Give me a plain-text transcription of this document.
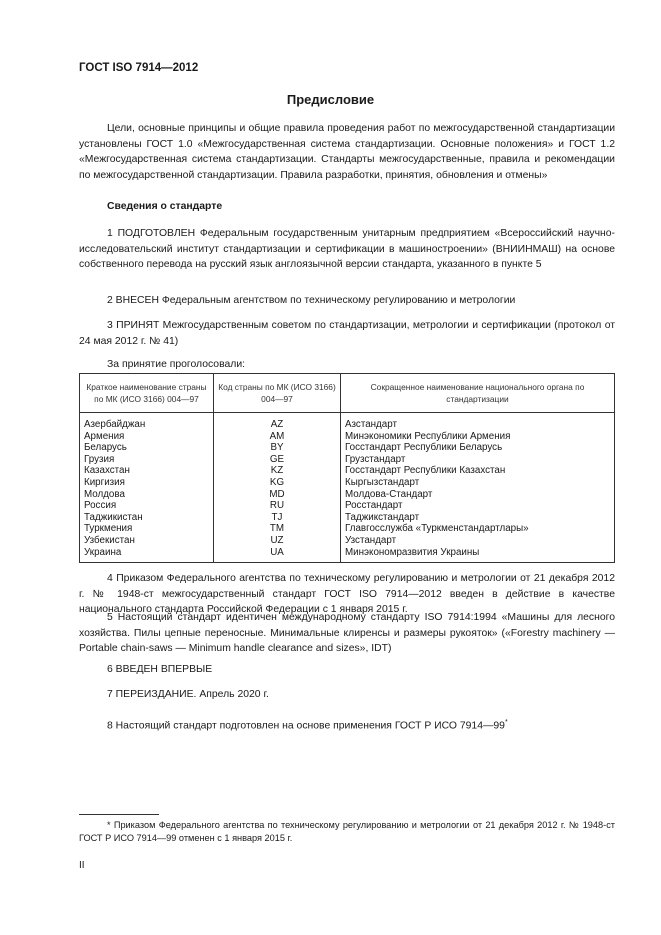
ГОСТ ISO 7914—2012
Предисловие
Цели, основные принципы и общие правила проведения работ по межгосударственной стандартизации установлены ГОСТ 1.0 «Межгосударственная система стандартизации. Основные положения» и ГОСТ 1.2 «Межгосударственная система стандартизации. Стандарты межгосударственные, правила и рекомендации по межгосударственной стандартизации. Правила разработки, принятия, обновления и отмены»
Сведения о стандарте
1 ПОДГОТОВЛЕН Федеральным государственным унитарным предприятием «Всероссийский научно-исследовательский институт стандартизации и сертификации в машиностроении» (ВНИИНМАШ) на основе собственного перевода на русский язык англоязычной версии стандарта, указанного в пункте 5
2 ВНЕСЕН Федеральным агентством по техническому регулированию и метрологии
3 ПРИНЯТ Межгосударственным советом по стандартизации, метрологии и сертификации (протокол от 24 мая 2012 г. № 41)
За принятие проголосовали:
Краткое наименование страны по МК (ИСО 3166) 004—97	Код страны по МК (ИСО 3166) 004—97	Сокращенное наименование национального органа по стандартизации
Азербайджан	AZ	Азстандарт
Армения	AM	Минэкономики Республики Армения
Беларусь	BY	Госстандарт Республики Беларусь
Грузия	GE	Грузстандарт
Казахстан	KZ	Госстандарт Республики Казахстан
Киргизия	KG	Кыргызстандарт
Молдова	MD	Молдова-Стандарт
Россия	RU	Росстандарт
Таджикистан	TJ	Таджикстандарт
Туркмения	TM	Главгосслужба «Туркменстандартлары»
Узбекистан	UZ	Узстандарт
Украина	UA	Минэкономразвития Украины
4 Приказом Федерального агентства по техническому регулированию и метрологии от 21 декабря 2012 г. № 1948-ст межгосударственный стандарт ГОСТ ISO 7914—2012 введен в действие в качестве национального стандарта Российской Федерации с 1 января 2015 г.
5 Настоящий стандарт идентичен международному стандарту ISO 7914:1994 «Машины для лесного хозяйства. Пилы цепные переносные. Минимальные клиренсы и размеры рукояток» («Forestry machinery — Portable chain-saws — Minimum handle clearance and sizes», IDT)
6 ВВЕДЕН ВПЕРВЫЕ
7 ПЕРЕИЗДАНИЕ. Апрель 2020 г.
8 Настоящий стандарт подготовлен на основе применения ГОСТ Р ИСО 7914—99*
* Приказом Федерального агентства по техническому регулированию и метрологии от 21 декабря 2012 г. № 1948-ст ГОСТ Р ИСО 7914—99 отменен с 1 января 2015 г.
II
